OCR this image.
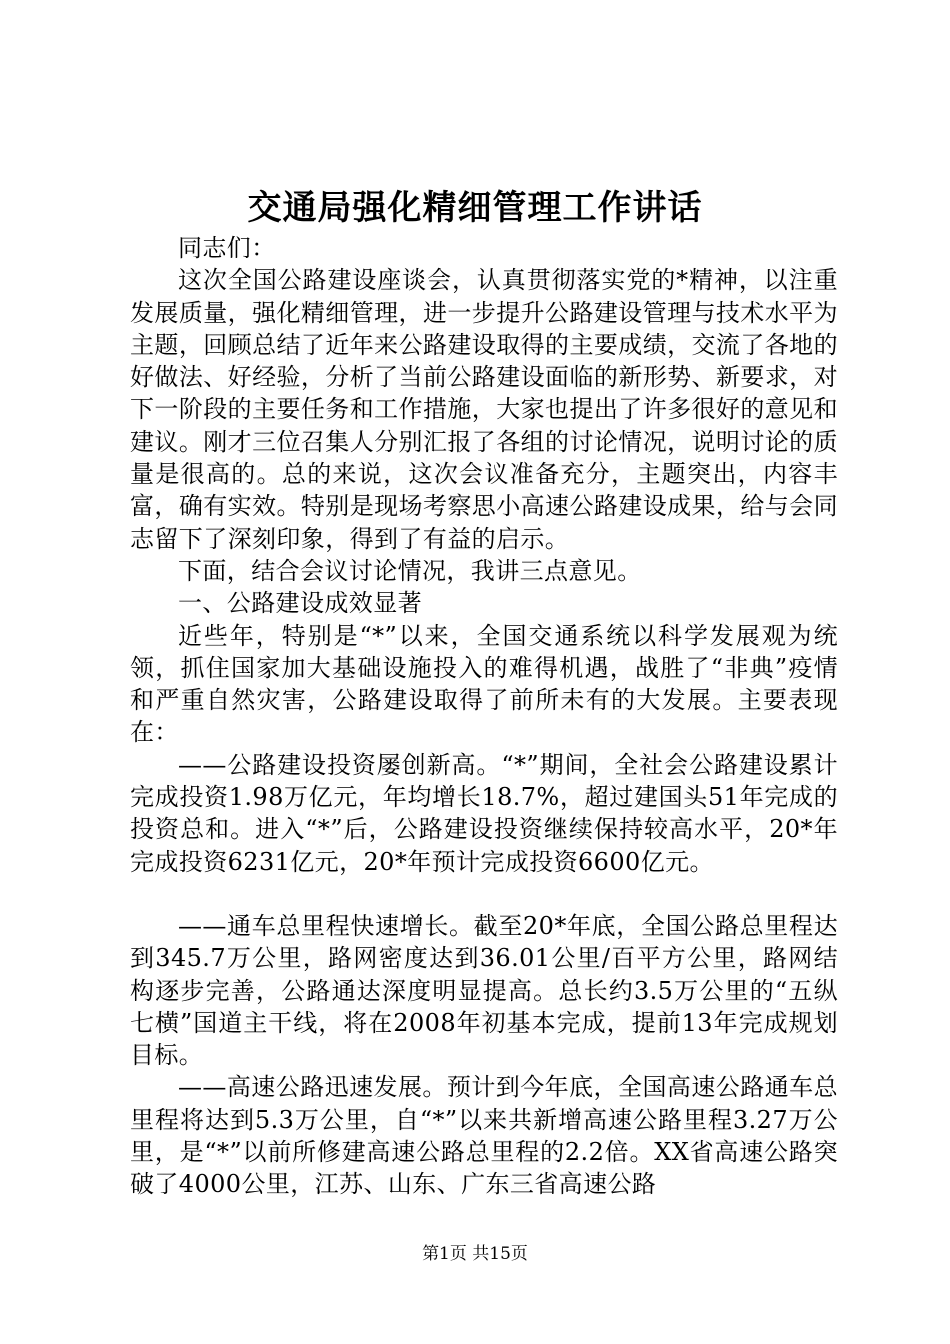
交通局强化精细管理工作讲话

同志们：

这次全国公路建设座谈会，认真贯彻落实党的*精神，以注重发展质量，强化精细管理，进一步提升公路建设管理与技术水平为主题，回顾总结了近年来公路建设取得的主要成绩，交流了各地的好做法、好经验，分析了当前公路建设面临的新形势、新要求，对下一阶段的主要任务和工作措施，大家也提出了许多很好的意见和建议。刚才三位召集人分别汇报了各组的讨论情况，说明讨论的质量是很高的。总的来说，这次会议准备充分，主题突出，内容丰富，确有实效。特别是现场考察思小高速公路建设成果，给与会同志留下了深刻印象，得到了有益的启示。

下面，结合会议讨论情况，我讲三点意见。

一、公路建设成效显著

近些年，特别是“*”以来，全国交通系统以科学发展观为统领，抓住国家加大基础设施投入的难得机遇，战胜了“非典”疫情和严重自然灾害，公路建设取得了前所未有的大发展。主要表现在：

——公路建设投资屡创新高。“*”期间，全社会公路建设累计完成投资1.98万亿元，年均增长18.7%，超过建国头51年完成的投资总和。进入“*”后，公路建设投资继续保持较高水平，20*年完成投资6231亿元，20*年预计完成投资6600亿元。

——通车总里程快速增长。截至20*年底，全国公路总里程达到345.7万公里，路网密度达到36.01公里/百平方公里，路网结构逐步完善，公路通达深度明显提高。总长约3.5万公里的“五纵七横”国道主干线，将在2008年初基本完成，提前13年完成规划目标。

——高速公路迅速发展。预计到今年底，全国高速公路通车总里程将达到5.3万公里，自“*”以来共新增高速公路里程3.27万公里，是“*”以前所修建高速公路总里程的2.2倍。XX省高速公路突破了4000公里，江苏、山东、广东三省高速公路

第1页 共15页
